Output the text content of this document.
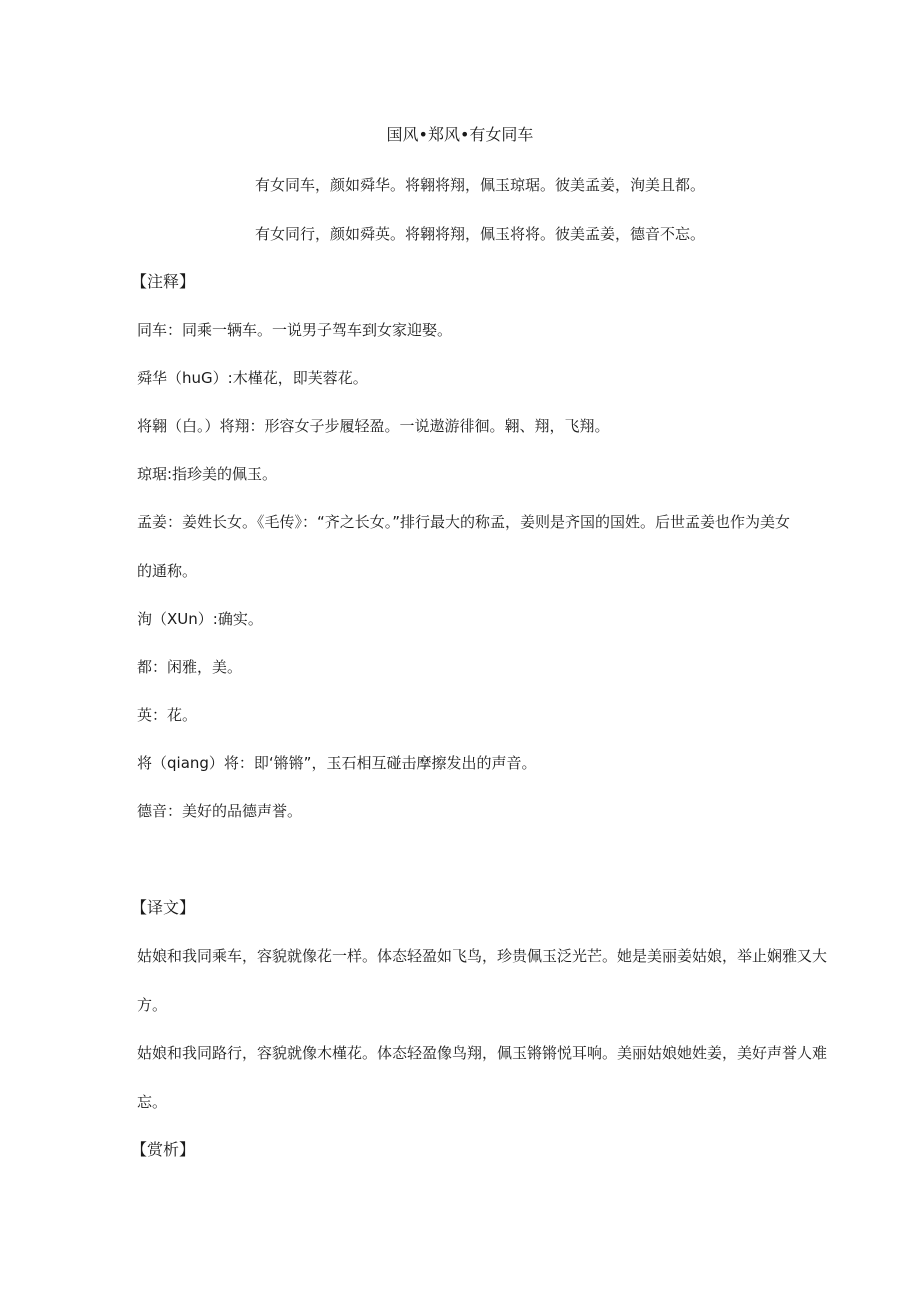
国风•郑风•有女同车
有女同车，颜如舜华。将翱将翔，佩玉琼琚。彼美孟姜，洵美且都。
有女同行，颜如舜英。将翱将翔，佩玉将将。彼美孟姜，德音不忘。
【注释】
同车：同乘一辆车。一说男子驾车到女家迎娶。
舜华（huG）:木槿花，即芙蓉花。
将翱（白。）将翔：形容女子步履轻盈。一说遨游徘徊。翱、翔，飞翔。
琼琚:指珍美的佩玉。
孟姜：姜姓长女。《毛传》：“齐之长女。”排行最大的称孟，姜则是齐国的国姓。后世孟姜也作为美女
的通称。
洵（XUn）:确实。
都：闲雅，美。
英：花。
将（qiang）将：即‘锵锵”，玉石相互碰击摩擦发出的声音。
德音：美好的品德声誉。
【译文】
姑娘和我同乘车，容貌就像花一样。体态轻盈如飞鸟，珍贵佩玉泛光芒。她是美丽姜姑娘，举止娴雅又大
方。
姑娘和我同路行，容貌就像木槿花。体态轻盈像鸟翔，佩玉锵锵悦耳响。美丽姑娘她姓姜，美好声誉人难
忘。
【赏析】
